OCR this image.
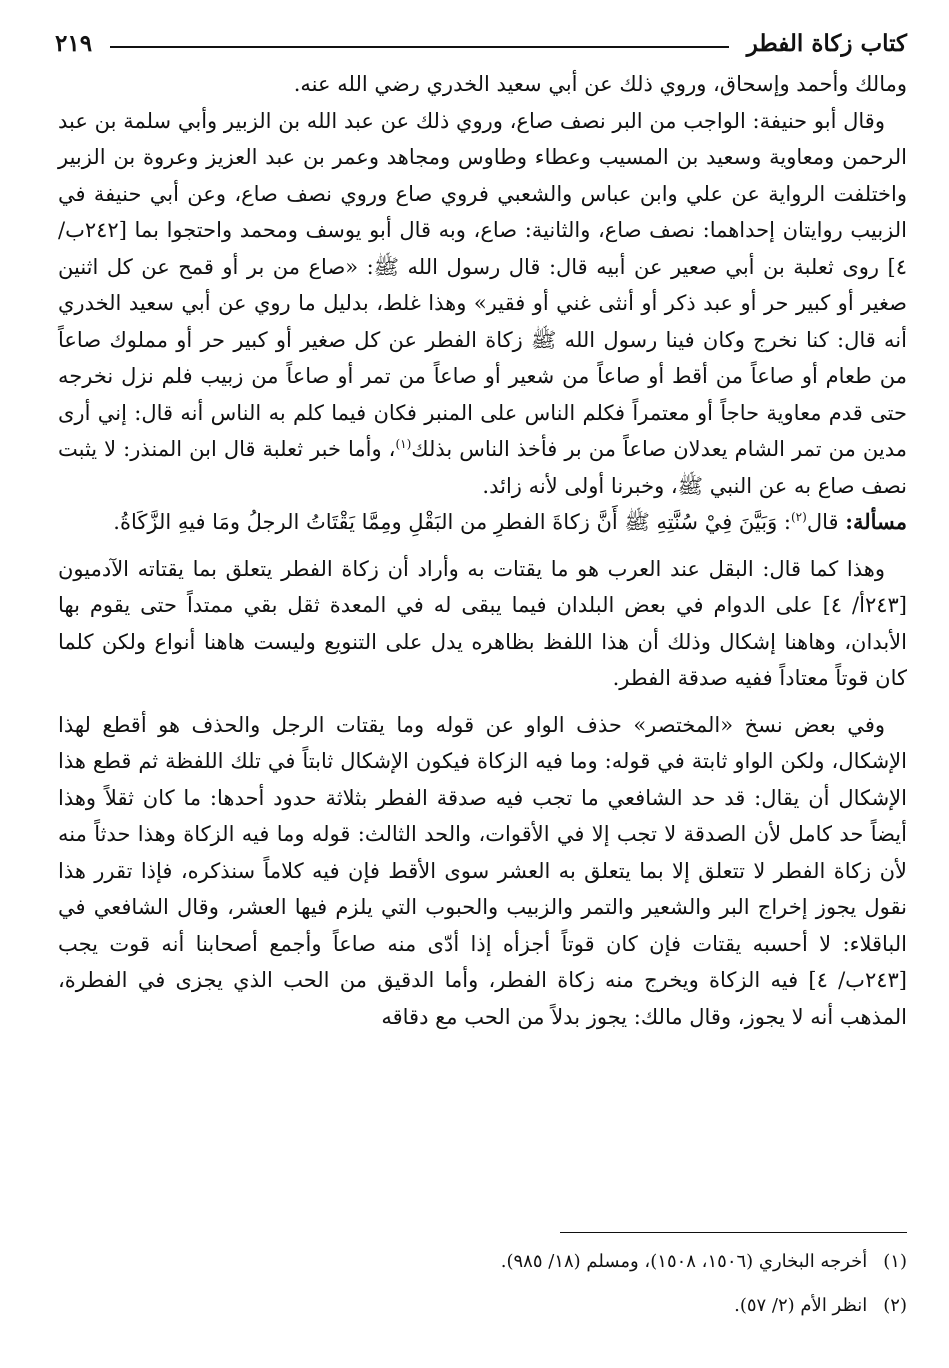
كتاب زكاة الفطر
٢١٩

ومالك وأحمد وإسحاق، وروي ذلك عن أبي سعيد الخدري رضي الله عنه.

وقال أبو حنيفة: الواجب من البر نصف صاع، وروي ذلك عن عبد الله بن الزبير وأبي سلمة بن عبد الرحمن ومعاوية وسعيد بن المسيب وعطاء وطاوس ومجاهد وعمر بن عبد العزيز وعروة بن الزبير واختلفت الرواية عن علي وابن عباس والشعبي فروي صاع وروي نصف صاع، وعن أبي حنيفة في الزبيب روايتان إحداهما: نصف صاع، والثانية: صاع، وبه قال أبو يوسف ومحمد واحتجوا بما [٢٤٢ب/ ٤] روى ثعلبة بن أبي صعير عن أبيه قال: قال رسول الله ﷺ: «صاع من بر أو قمح عن كل اثنين صغير أو كبير حر أو عبد ذكر أو أنثى غني أو فقير» وهذا غلط، بدليل ما روي عن أبي سعيد الخدري أنه قال: كنا نخرج وكان فينا رسول الله ﷺ زكاة الفطر عن كل صغير أو كبير حر أو مملوك صاعاً من طعام أو صاعاً من أقط أو صاعاً من شعير أو صاعاً من تمر أو صاعاً من زبيب فلم نزل نخرجه حتى قدم معاوية حاجاً أو معتمراً فكلم الناس على المنبر فكان فيما كلم به الناس أنه قال: إني أرى مدين من تمر الشام يعدلان صاعاً من بر فأخذ الناس بذلك$^{(١)}$، وأما خبر ثعلبة قال ابن المنذر: لا يثبت نصف صاع به عن النبي ﷺ، وخبرنا أولى لأنه زائد.

مسألة: قال$^{(٢)}$: وَبَيَّنَ فِيْ سُنَّتِهِ ﷺ أَنَّ زكاةَ الفطرِ من البَقْلِ ومِمَّا يَقْتَاتُ الرجلُ ومَا فيهِ الزَّكَاةُ.

وهذا كما قال: البقل عند العرب هو ما يقتات به وأراد أن زكاة الفطر يتعلق بما يقتاته الآدميون [٢٤٣أ/ ٤] على الدوام في بعض البلدان فيما يبقى له في المعدة ثقل بقي ممتداً حتى يقوم بها الأبدان، وهاهنا إشكال وذلك أن هذا اللفظ بظاهره يدل على التنويع وليست هاهنا أنواع ولكن كلما كان قوتاً معتاداً ففيه صدقة الفطر.

وفي بعض نسخ «المختصر» حذف الواو عن قوله وما يقتات الرجل والحذف هو أقطع لهذا الإشكال، ولكن الواو ثابتة في قوله: وما فيه الزكاة فيكون الإشكال ثابتاً في تلك اللفظة ثم قطع هذا الإشكال أن يقال: قد حد الشافعي ما تجب فيه صدقة الفطر بثلاثة حدود أحدها: ما كان ثقلاً وهذا أيضاً حد كامل لأن الصدقة لا تجب إلا في الأقوات، والحد الثالث: قوله وما فيه الزكاة وهذا حدثاً منه لأن زكاة الفطر لا تتعلق إلا بما يتعلق به العشر سوى الأقط فإن فيه كلاماً سنذكره، فإذا تقرر هذا نقول يجوز إخراج البر والشعير والتمر والزبيب والحبوب التي يلزم فيها العشر، وقال الشافعي في الباقلاء: لا أحسبه يقتات فإن كان قوتاً أجزأه إذا أدّى منه صاعاً وأجمع أصحابنا أنه قوت يجب [٢٤٣ب/ ٤] فيه الزكاة ويخرج منه زكاة الفطر، وأما الدقيق من الحب الذي يجزى في الفطرة، المذهب أنه لا يجوز، وقال مالك: يجوز بدلاً من الحب مع دقاقه

(١) أخرجه البخاري (١٥٠٦، ١٥٠٨)، ومسلم (١٨/ ٩٨٥).

(٢) انظر الأم (٢/ ٥٧).
